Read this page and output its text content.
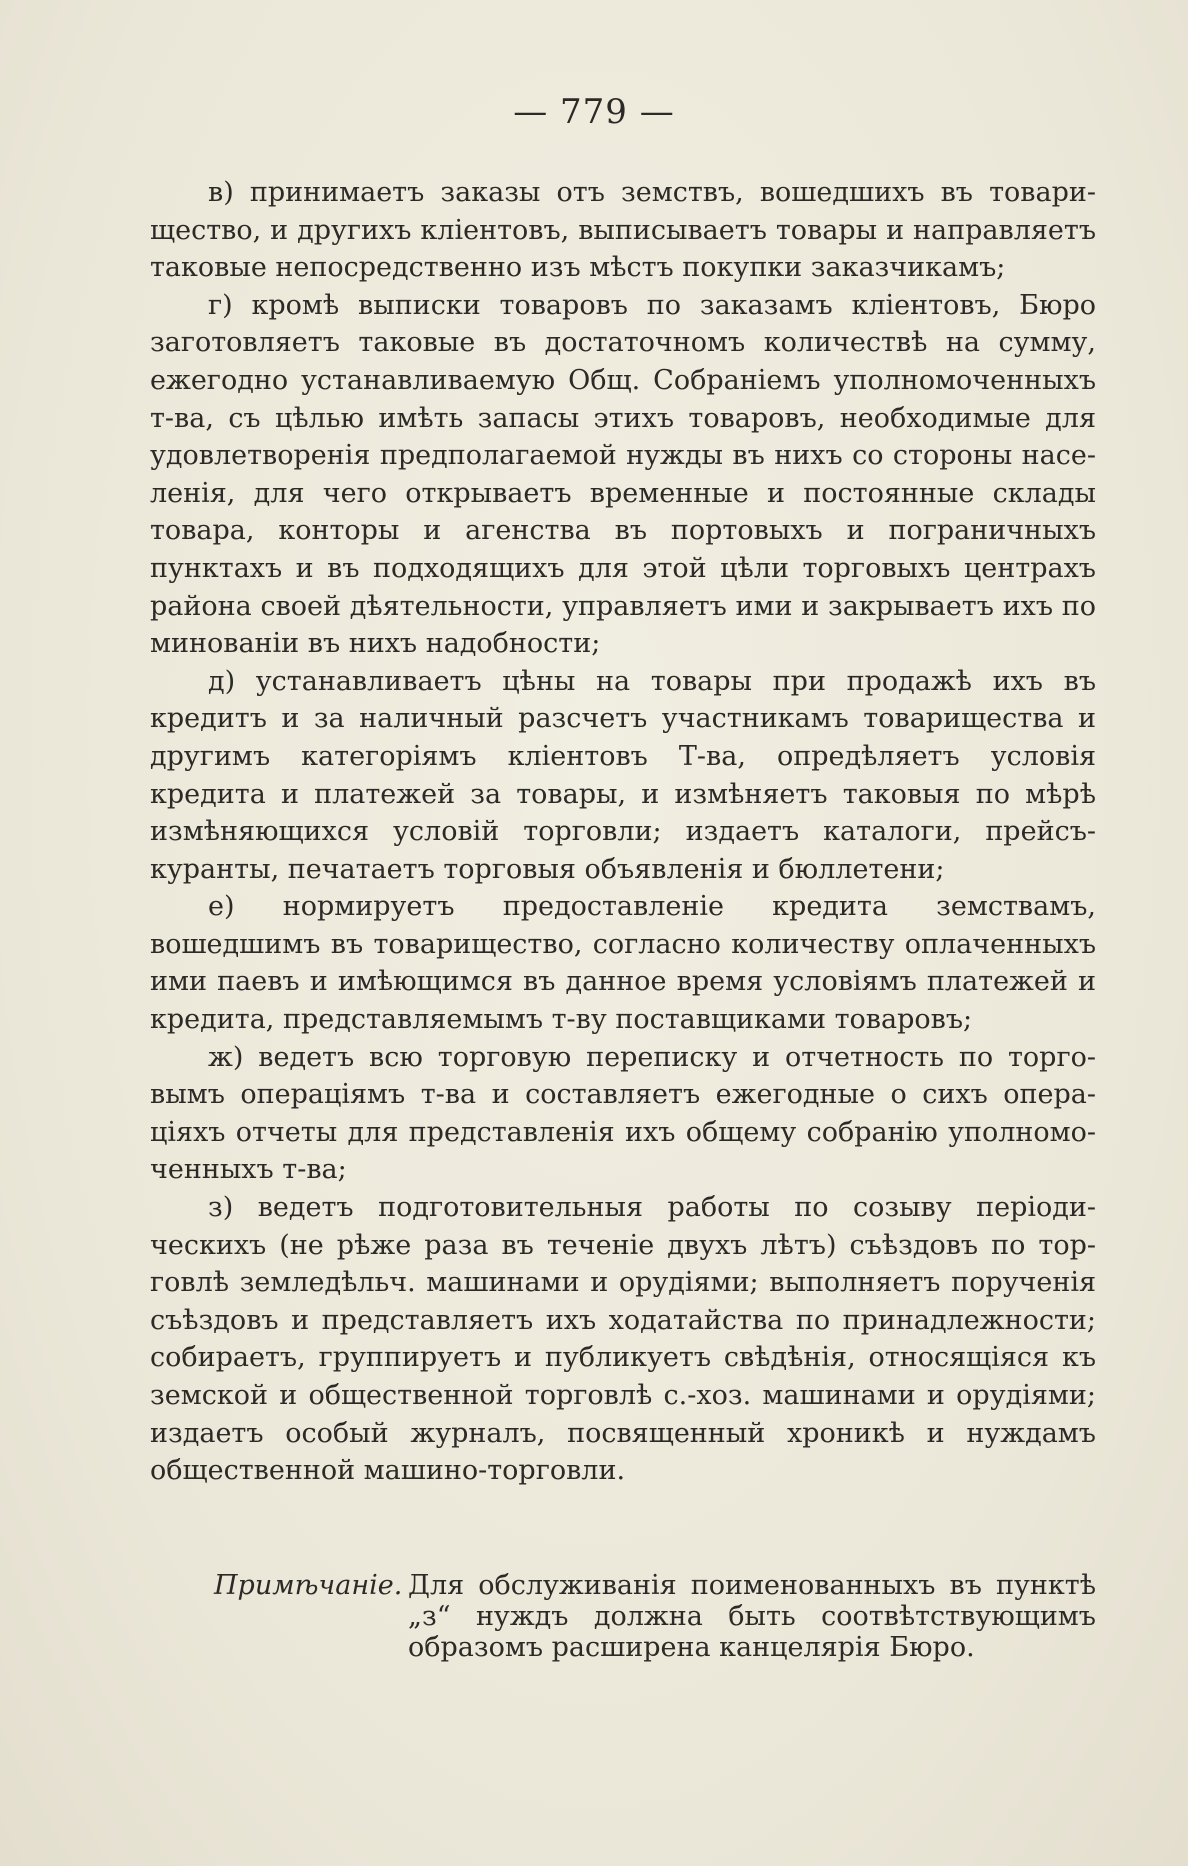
— 779 —

в) принимаетъ заказы отъ земствъ, вошедшихъ въ товарищество, и другихъ клiентовъ, выписываетъ товары и направляетъ таковые непосредственно изъ мѣстъ покупки заказчикамъ;

г) кромѣ выписки товаровъ по заказамъ клiентовъ, Бюро заготовляетъ таковые въ достаточномъ количествѣ на сумму, ежегодно устанавливаемую Общ. Собранiемъ уполномоченныхъ т-ва, съ цѣлью имѣть запасы этихъ товаровъ, необходимые для удовлетворенiя предполагаемой нужды въ нихъ со стороны населенiя, для чего открываетъ временные и постоянные склады товара, конторы и агенства въ портовыхъ и пограничныхъ пунктахъ и въ подходящихъ для этой цѣли торговыхъ центрахъ района своей дѣятельности, управляетъ ими и закрываетъ ихъ по минованiи въ нихъ надобности;

д) устанавливаетъ цѣны на товары при продажѣ ихъ въ кредитъ и за наличный разсчетъ участникамъ товарищества и другимъ категорiямъ клiентовъ Т-ва, опредѣляетъ условiя кредита и платежей за товары, и измѣняетъ таковыя по мѣрѣ измѣняющихся условiй торговли; издаетъ каталоги, прейсъ-куранты, печатаетъ торговыя объявленiя и бюллетени;

е) нормируетъ предоставленiе кредита земствамъ, вошедшимъ въ товарищество, согласно количеству оплаченныхъ ими паевъ и имѣющимся въ данное время условiямъ платежей и кредита, представляемымъ т-ву поставщиками товаровъ;

ж) ведетъ всю торговую переписку и отчетность по торговымъ операцiямъ т-ва и составляетъ ежегодные о сихъ операцiяхъ отчеты для представленiя ихъ общему собранiю уполномоченныхъ т-ва;

з) ведетъ подготовительныя работы по созыву перiодическихъ (не рѣже раза въ теченiе двухъ лѣтъ) съѣздовъ по торговлѣ земледѣльч. машинами и орудiями; выполняетъ порученiя съѣздовъ и представляетъ ихъ ходатайства по принадлежности; собираетъ, группируетъ и публикуетъ свѣдѣнiя, относящiяся къ земской и общественной торговлѣ с.-хоз. машинами и орудiями; издаетъ особый журналъ, посвященный хроникѣ и нуждамъ общественной машино-торговли.

Примѣчанiе. Для обслуживанiя поименованныхъ въ пунктѣ „з“ нуждъ должна быть соотвѣтствующимъ образомъ расширена канцелярiя Бюро.
